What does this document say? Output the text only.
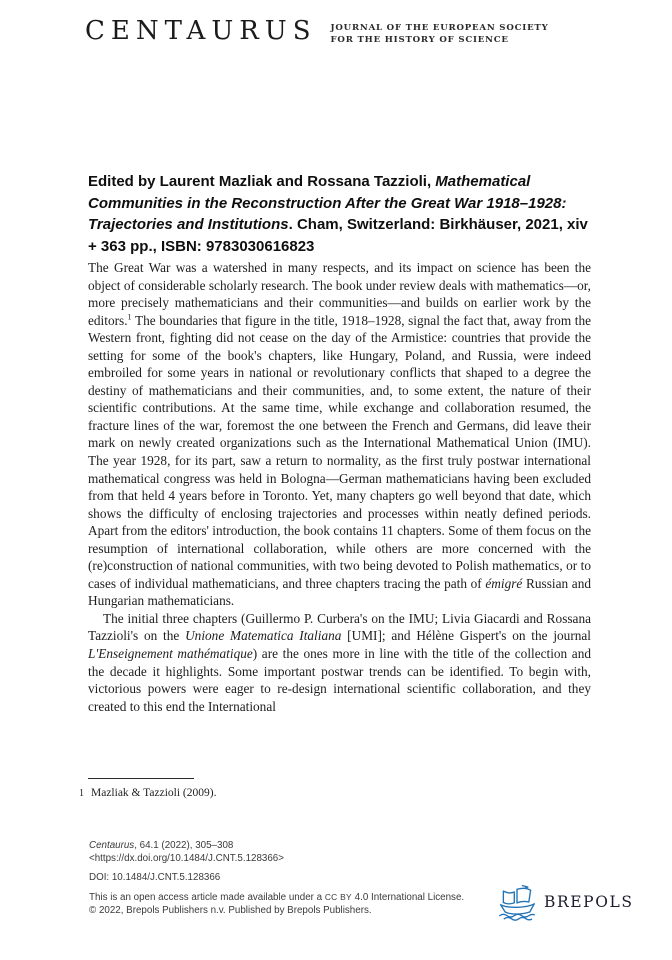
CENTAURUS JOURNAL OF THE EUROPEAN SOCIETY
FOR THE HISTORY OF SCIENCE
Edited by Laurent Mazliak and Rossana Tazzioli, Mathematical Communities in the Reconstruction After the Great War 1918–1928: Trajectories and Institutions. Cham, Switzerland: Birkhäuser, 2021, xiv + 363 pp., ISBN: 9783030616823

The Great War was a watershed in many respects, and its impact on science has been the object of considerable scholarly research. The book under review deals with mathematics—or, more precisely mathematicians and their communities—and builds on earlier work by the editors.$^1$ The boundaries that figure in the title, 1918–1928, signal the fact that, away from the Western front, fighting did not cease on the day of the Armistice: countries that provide the setting for some of the book's chapters, like Hungary, Poland, and Russia, were indeed embroiled for some years in national or revolutionary conflicts that shaped to a degree the destiny of mathematicians and their communities, and, to some extent, the nature of their scientific contributions. At the same time, while exchange and collaboration resumed, the fracture lines of the war, foremost the one between the French and Germans, did leave their mark on newly created organizations such as the International Mathematical Union (IMU). The year 1928, for its part, saw a return to normality, as the first truly postwar international mathematical congress was held in Bologna—German mathematicians having been excluded from that held 4 years before in Toronto. Yet, many chapters go well beyond that date, which shows the difficulty of enclosing trajectories and processes within neatly defined periods. Apart from the editors' introduction, the book contains 11 chapters. Some of them focus on the resumption of international collaboration, while others are more concerned with the (re)construction of national communities, with two being devoted to Polish mathematics, or to cases of individual mathematicians, and three chapters tracing the path of émigré Russian and Hungarian mathematicians.

The initial three chapters (Guillermo P. Curbera's on the IMU; Livia Giacardi and Rossana Tazzioli's on the Unione Matematica Italiana [UMI]; and Hélène Gispert's on the journal L'Enseignement mathématique) are the ones more in line with the title of the collection and the decade it highlights. Some important postwar trends can be identified. To begin with, victorious powers were eager to re-design international scientific collaboration, and they created to this end the International

1 Mazliak & Tazzioli (2009).
Centaurus, 64.1 (2022), 305–308
<https://dx.doi.org/10.1484/J.CNT.5.128366>
DOI: 10.1484/J.CNT.5.128366
This is an open access article made available under a CC BY 4.0 International License.
© 2022, Brepols Publishers n.v. Published by Brepols Publishers.	BREPOLS
